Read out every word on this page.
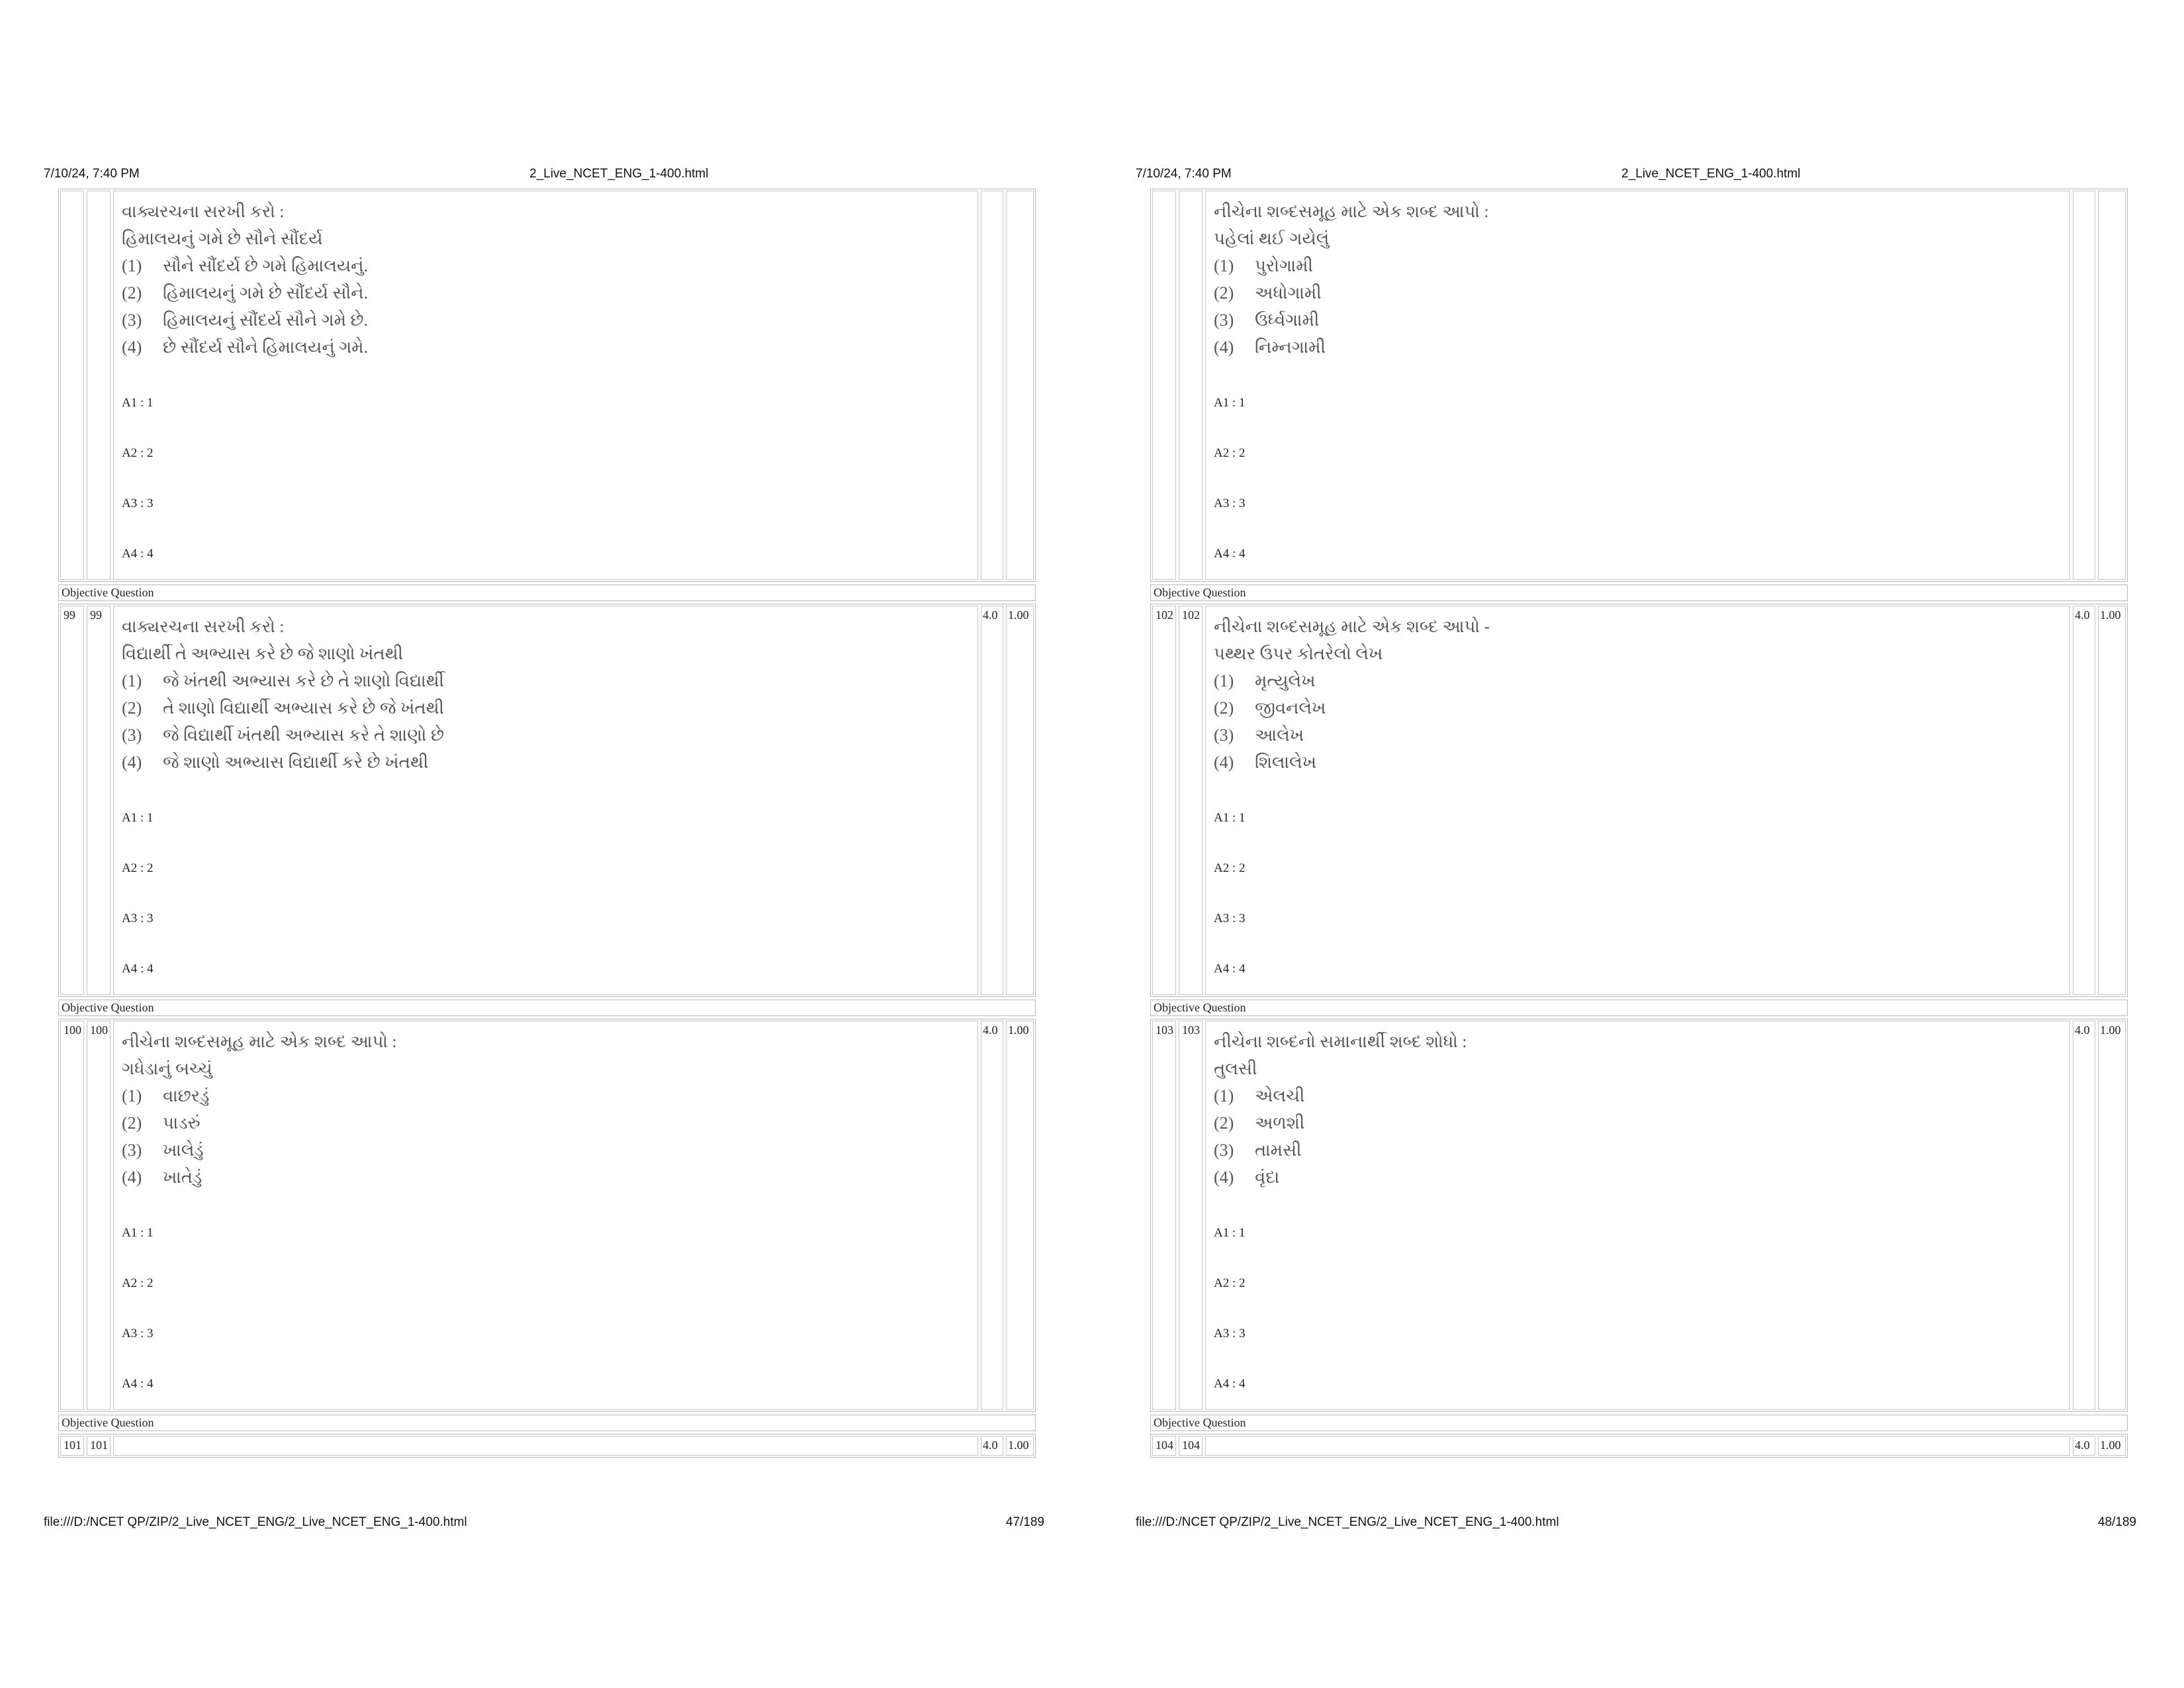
7/10/24, 7:40 PM	2_Live_NCET_ENG_1-400.html
વાક્યરચના સરખી કરો :
હિમાલયનું ગમે છે સૌને સૌંદર્ય
(1)	સૌને સૌંદર્ય છે ગમે હિમાલયનું.
(2)	હિમાલયનું ગમે છે સૌંદર્ય સૌને.
(3)	હિમાલયનું સૌંદર્ય સૌને ગમે છે.
(4)	છે સૌંદર્ય સૌને હિમાલયનું ગમે.
A1 : 1
A2 : 2
A3 : 3
A4 : 4
Objective Question
99	99
વાક્યરચના સરખી કરો :
વિદ્યાર્થી તે અભ્યાસ કરે છે જે શાણો ખંતથી
(1)	જે ખંતથી અભ્યાસ કરે છે તે શાણો વિદ્યાર્થી
(2)	તે શાણો વિદ્યાર્થી અભ્યાસ કરે છે જે ખંતથી
(3)	જે વિદ્યાર્થી ખંતથી અભ્યાસ કરે તે શાણો છે
(4)	જે શાણો અભ્યાસ વિદ્યાર્થી કરે છે ખંતથી
A1 : 1
A2 : 2
A3 : 3
A4 : 4
4.0 1.00
Objective Question
100 100
નીચેના શબ્દસમૂહ માટે એક શબ્દ આપો :
ગધેડાનું બચ્ચું
(1)	વાછરડું
(2)	પાડરું
(3)	ખાલેડું
(4)	ખાતેડું
A1 : 1
A2 : 2
A3 : 3
A4 : 4
4.0 1.00
Objective Question
101 101	4.0 1.00
file:///D:/NCET QP/ZIP/2_Live_NCET_ENG/2_Live_NCET_ENG_1-400.html	47/189
7/10/24, 7:40 PM	2_Live_NCET_ENG_1-400.html
નીચેના શબ્દસમૂહ માટે એક શબ્દ આપો :
પહેલાં થઈ ગયેલું
(1)	પુરોગામી
(2)	અધોગામી
(3)	ઉર્ધ્વગામી
(4)	નિમ્નગામી
A1 : 1
A2 : 2
A3 : 3
A4 : 4
Objective Question
102 102
નીચેના શબ્દસમૂહ માટે એક શબ્દ આપો -
પથ્થર ઉપર કોતરેલો લેખ
(1)	મૃત્યુલેખ
(2)	જીવનલેખ
(3)	આલેખ
(4)	શિલાલેખ
A1 : 1
A2 : 2
A3 : 3
A4 : 4
4.0 1.00
Objective Question
103 103
નીચેના શબ્દનો સમાનાર્થી શબ્દ શોધો :
તુલસી
(1)	એલચી
(2)	અળશી
(3)	તામસી
(4)	વૃંદા
A1 : 1
A2 : 2
A3 : 3
A4 : 4
4.0 1.00
Objective Question
104 104	4.0 1.00
file:///D:/NCET QP/ZIP/2_Live_NCET_ENG/2_Live_NCET_ENG_1-400.html	48/189
